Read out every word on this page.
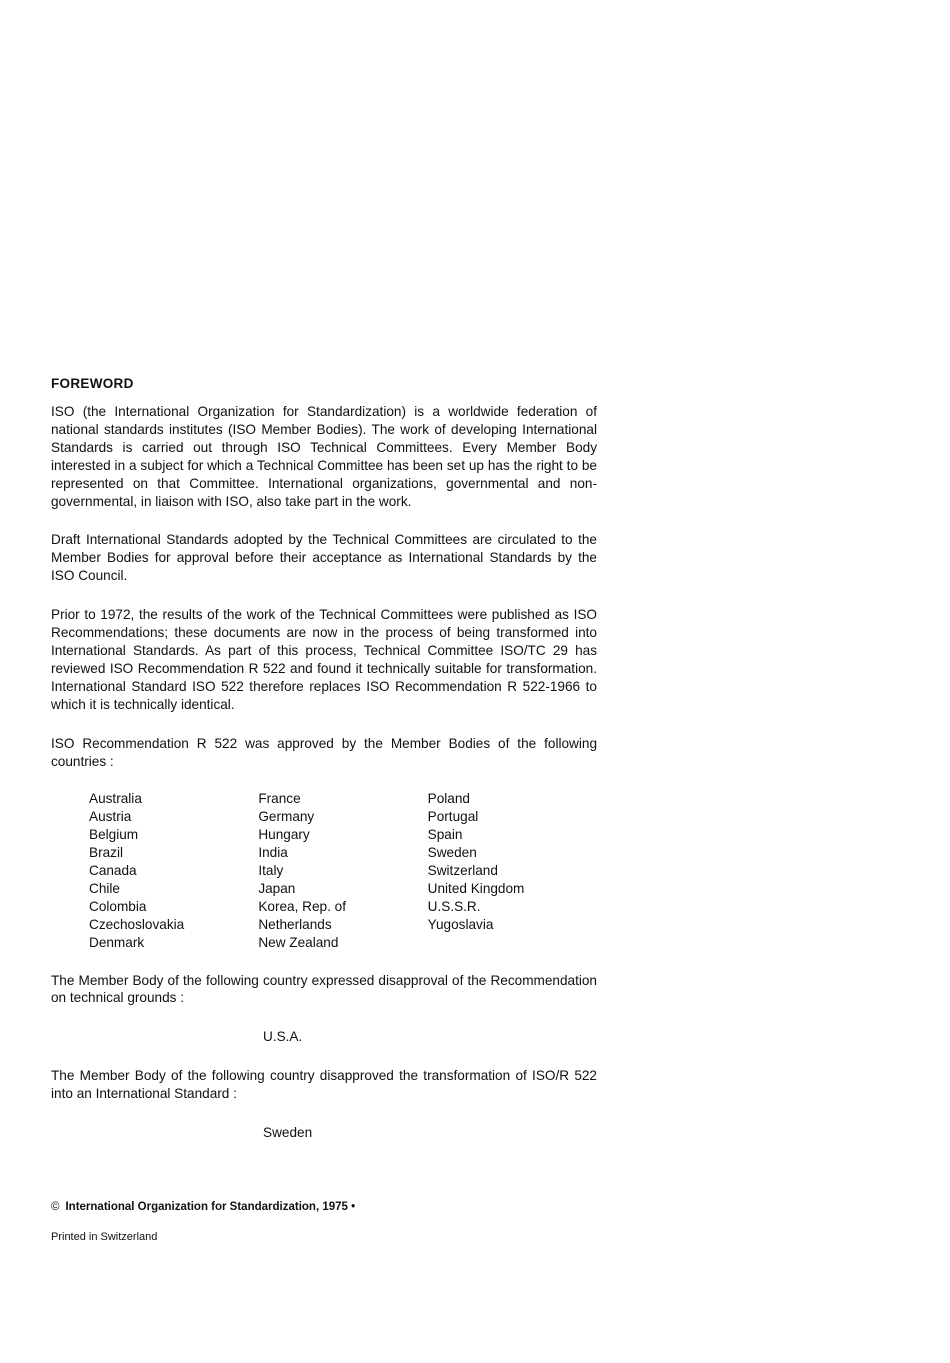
FOREWORD

ISO (the International Organization for Standardization) is a worldwide federation of national standards institutes (ISO Member Bodies). The work of developing International Standards is carried out through ISO Technical Committees. Every Member Body interested in a subject for which a Technical Committee has been set up has the right to be represented on that Committee. International organizations, governmental and non-governmental, in liaison with ISO, also take part in the work.

Draft International Standards adopted by the Technical Committees are circulated to the Member Bodies for approval before their acceptance as International Standards by the ISO Council.

Prior to 1972, the results of the work of the Technical Committees were published as ISO Recommendations; these documents are now in the process of being transformed into International Standards. As part of this process, Technical Committee ISO/TC 29 has reviewed ISO Recommendation R 522 and found it technically suitable for transformation. International Standard ISO 522 therefore replaces ISO Recommendation R 522-1966 to which it is technically identical.

ISO Recommendation R 522 was approved by the Member Bodies of the following countries :

Australia
Austria
Belgium
Brazil
Canada
Chile
Colombia
Czechoslovakia
Denmark
France
Germany
Hungary
India
Italy
Japan
Korea, Rep. of
Netherlands
New Zealand
Poland
Portugal
Spain
Sweden
Switzerland
United Kingdom
U.S.S.R.
Yugoslavia

The Member Body of the following country expressed disapproval of the Recommendation on technical grounds :

U.S.A.

The Member Body of the following country disapproved the transformation of ISO/R 522 into an International Standard :

Sweden
© International Organization for Standardization, 1975 •
Printed in Switzerland
